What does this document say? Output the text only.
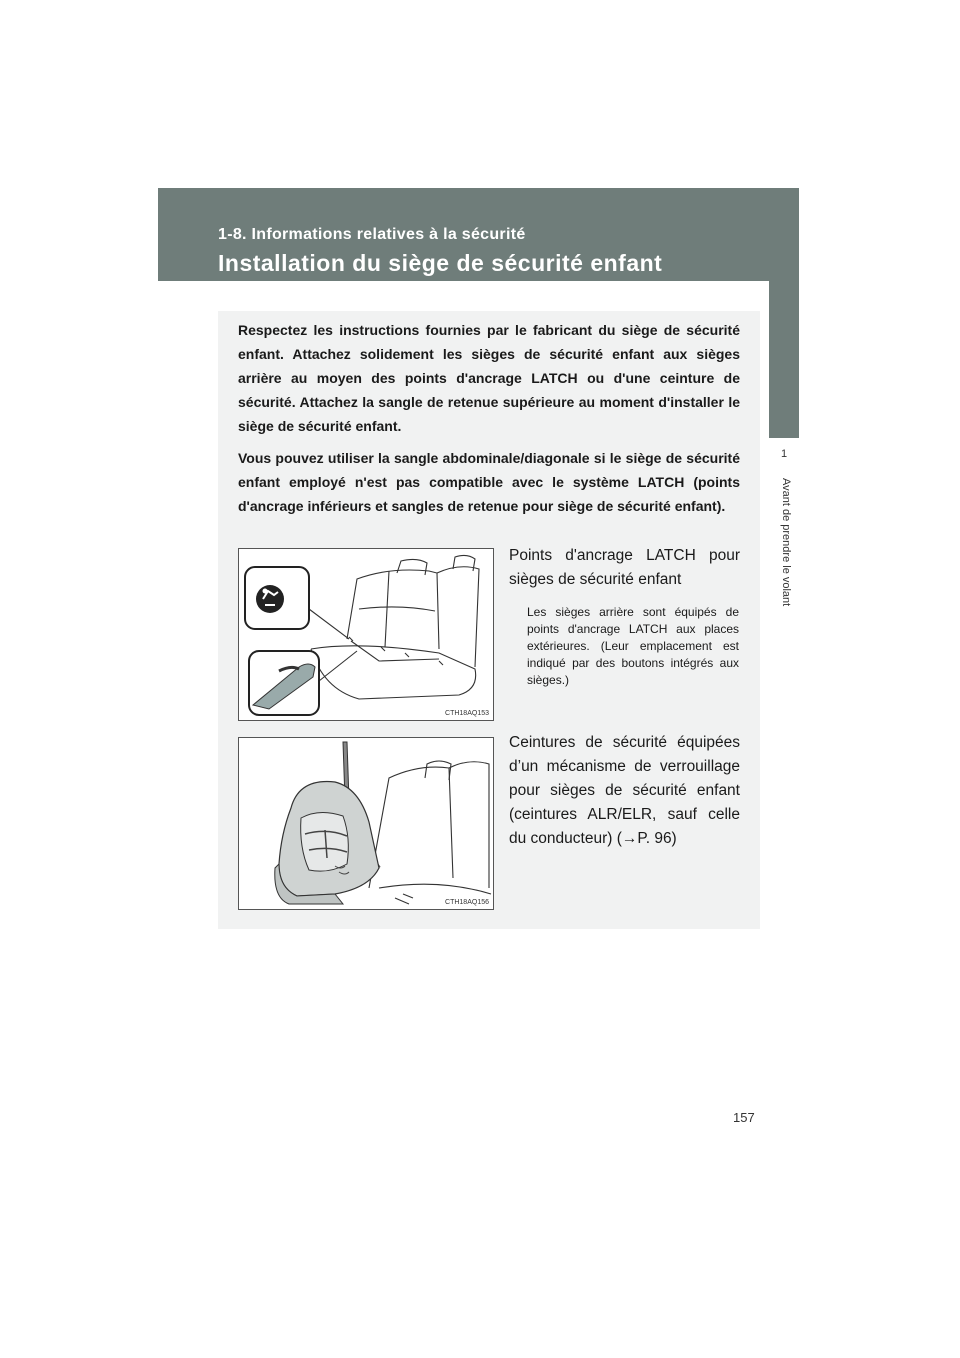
1-8. Informations relatives à la sécurité
Installation du siège de sécurité enfant
1
Avant de prendre le volant

Respectez les instructions fournies par le fabricant du siège de sécurité enfant. Attachez solidement les sièges de sécurité enfant aux sièges arrière au moyen des points d'ancrage LATCH ou d'une ceinture de sécurité. Attachez la sangle de retenue supérieure au moment d'installer le siège de sécurité enfant.

Vous pouvez utiliser la sangle abdominale/diagonale si le siège de sécurité enfant employé n'est pas compatible avec le système LATCH (points d'ancrage inférieurs et sangles de retenue pour siège de sécurité enfant).

CTH18AQ153
Points d'ancrage LATCH pour sièges de sécurité enfant
Les sièges arrière sont équipés de points d'ancrage LATCH aux places extérieures. (Leur emplacement est indiqué par des boutons intégrés aux sièges.)
CTH18AQ156
Ceintures de sécurité équipées d’un mécanisme de verrouillage pour sièges de sécurité enfant (ceintures ALR/ELR, sauf celle du conducteur) (→P. 96)
157
